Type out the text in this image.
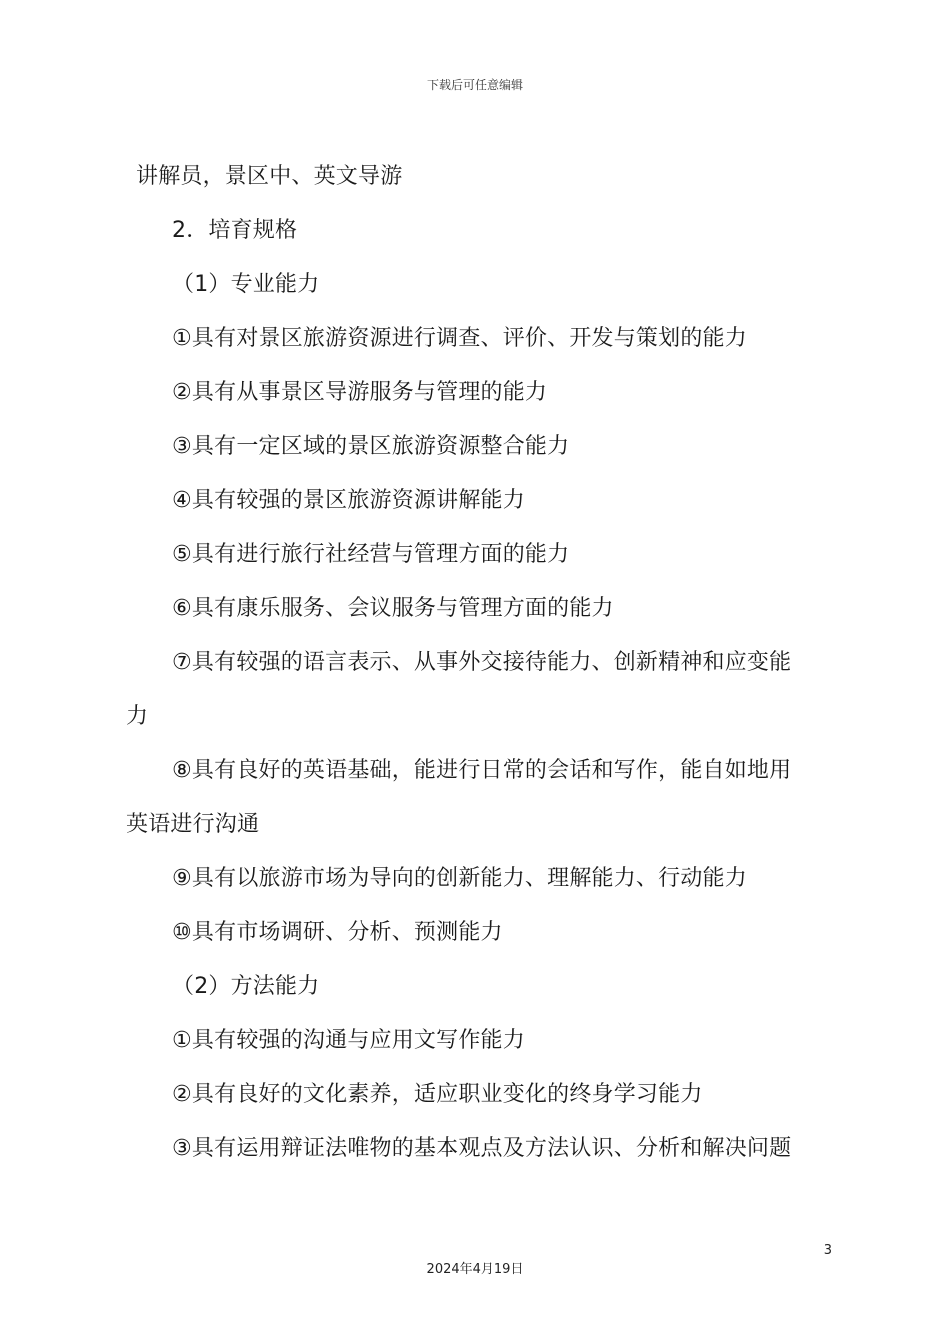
下载后可任意编辑
讲解员，景区中、英文导游
2．培育规格
（1）专业能力
①具有对景区旅游资源进行调查、评价、开发与策划的能力
②具有从事景区导游服务与管理的能力
③具有一定区域的景区旅游资源整合能力
④具有较强的景区旅游资源讲解能力
⑤具有进行旅行社经营与管理方面的能力
⑥具有康乐服务、会议服务与管理方面的能力
⑦具有较强的语言表示、从事外交接待能力、创新精神和应变能
力
⑧具有良好的英语基础，能进行日常的会话和写作，能自如地用
英语进行沟通
⑨具有以旅游市场为导向的创新能力、理解能力、行动能力
⑩具有市场调研、分析、预测能力
（2）方法能力
①具有较强的沟通与应用文写作能力
②具有良好的文化素养，适应职业变化的终身学习能力
③具有运用辩证法唯物的基本观点及方法认识、分析和解决问题
3
2024年4月19日
